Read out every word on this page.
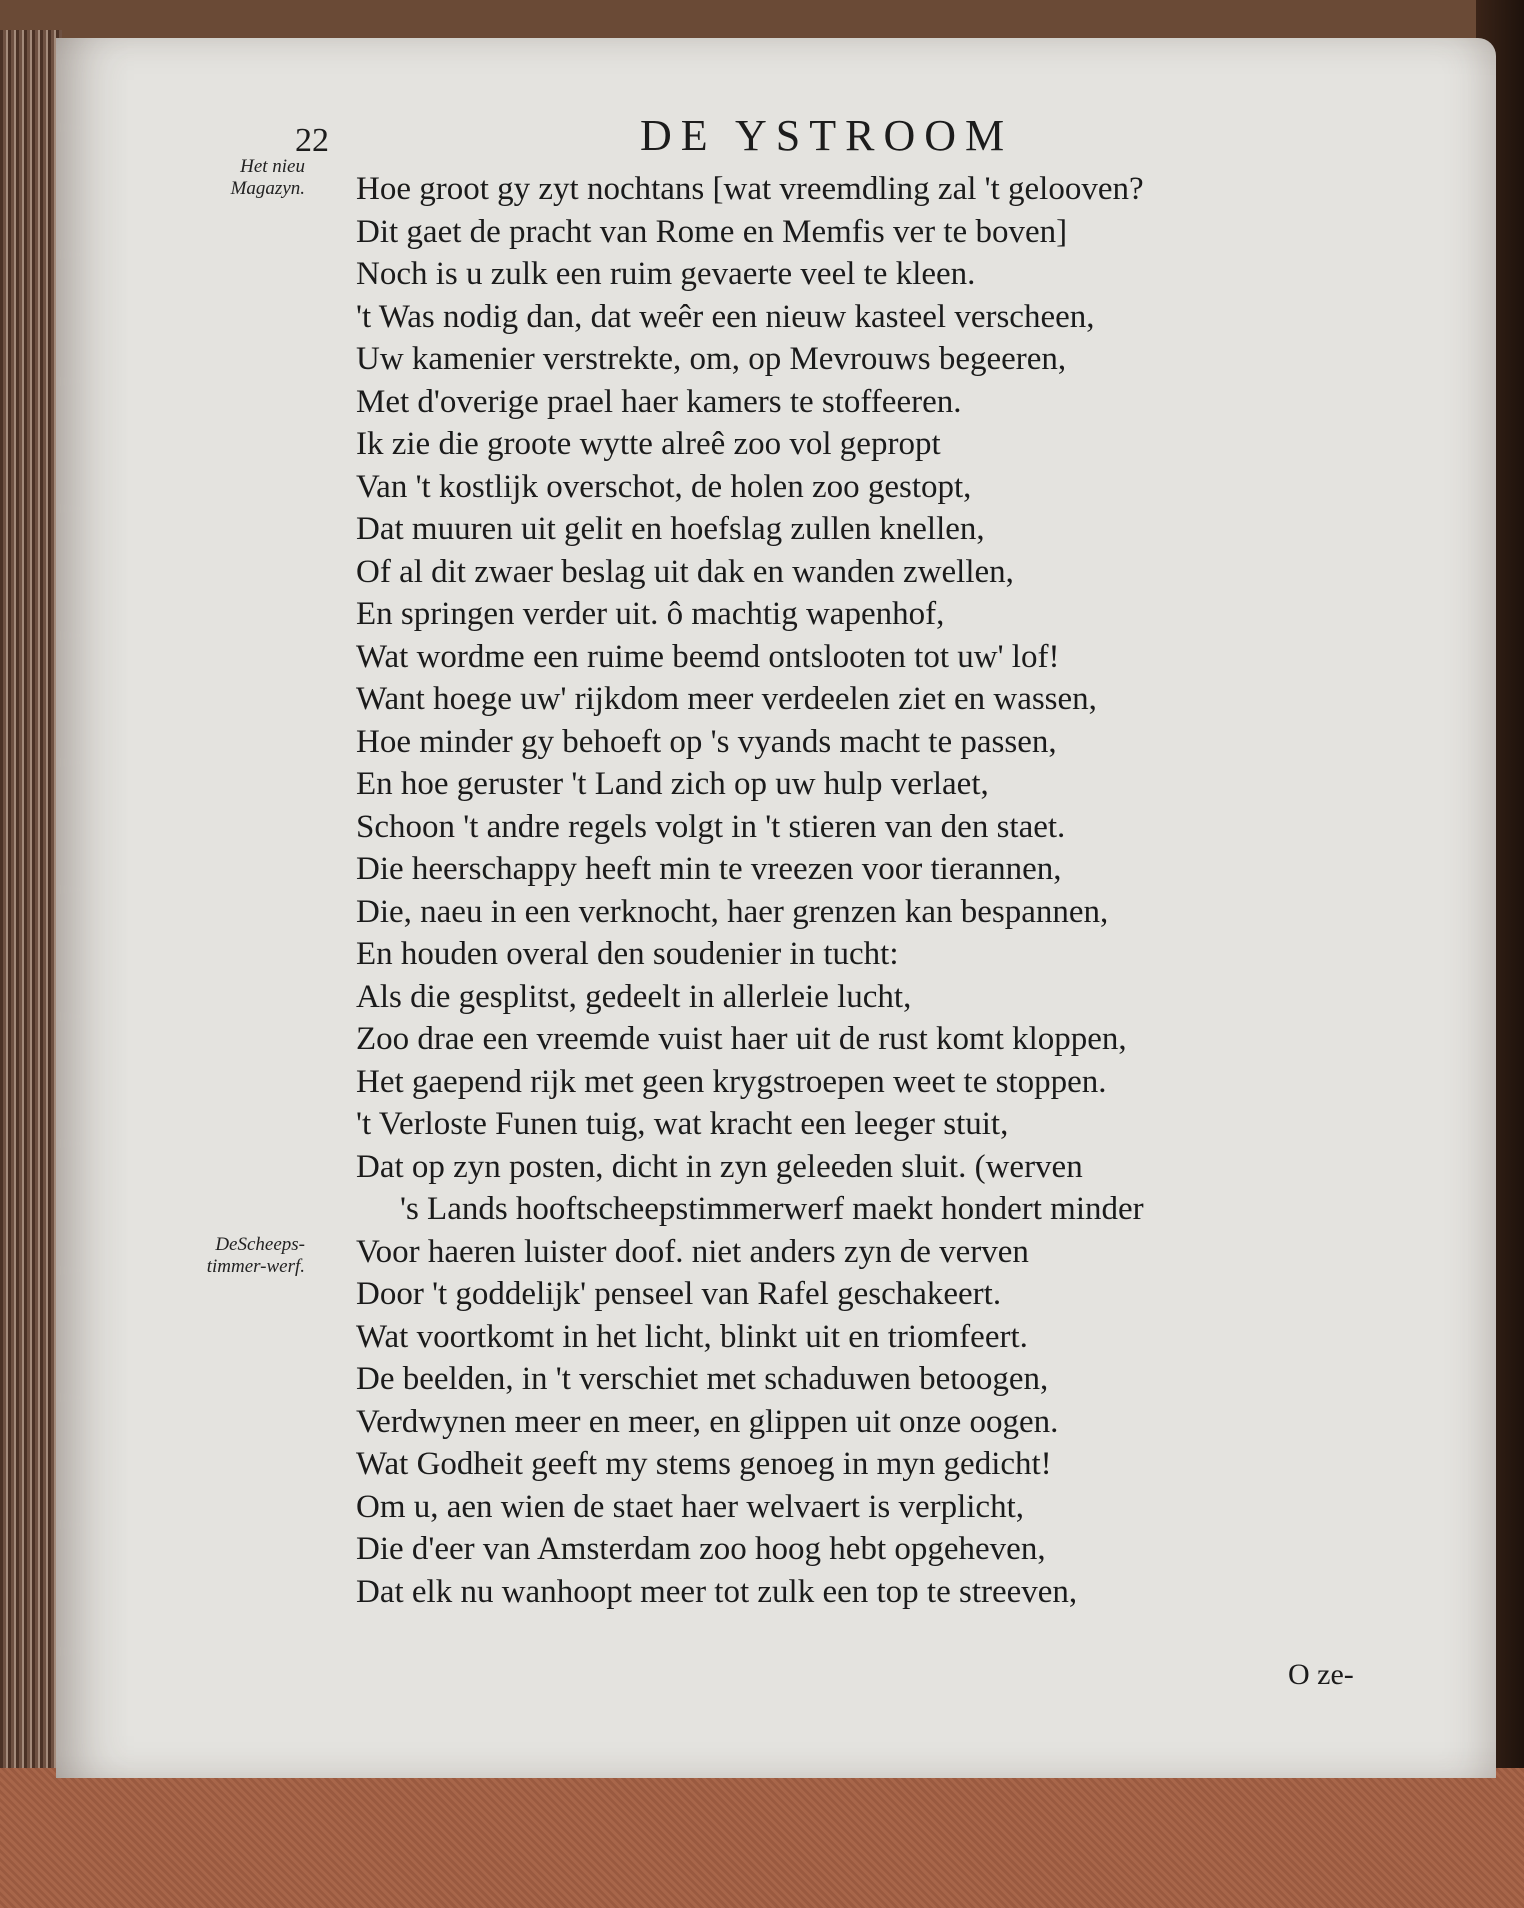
22	DE YSTROOM
Het nieu Magazyn.
DeScheeps-timmer-werf.
Hoe groot gy zyt nochtans [wat vreemdling zal 't gelooven?
Dit gaet de pracht van Rome en Memfis ver te boven]
Noch is u zulk een ruim gevaerte veel te kleen.
't Was nodig dan, dat weêr een nieuw kasteel verscheen,
Uw kamenier verstrekte, om, op Mevrouws begeeren,
Met d'overige prael haer kamers te stoffeeren.
Ik zie die groote wytte alreê zoo vol gepropt
Van 't kostlijk overschot, de holen zoo gestopt,
Dat muuren uit gelit en hoefslag zullen knellen,
Of al dit zwaer beslag uit dak en wanden zwellen,
En springen verder uit. ô machtig wapenhof,
Wat wordme een ruime beemd ontslooten tot uw' lof!
Want hoege uw' rijkdom meer verdeelen ziet en wassen,
Hoe minder gy behoeft op 's vyands macht te passen,
En hoe geruster 't Land zich op uw hulp verlaet,
Schoon 't andre regels volgt in 't stieren van den staet.
Die heerschappy heeft min te vreezen voor tierannen,
Die, naeu in een verknocht, haer grenzen kan bespannen,
En houden overal den soudenier in tucht:
Als die gesplitst, gedeelt in allerleie lucht,
Zoo drae een vreemde vuist haer uit de rust komt kloppen,
Het gaepend rijk met geen krygstroepen weet te stoppen.
't Verloste Funen tuig, wat kracht een leeger stuit,
Dat op zyn posten, dicht in zyn geleeden sluit. (werven
's Lands hooftscheepstimmerwerf maekt hondert minder
Voor haeren luister doof. niet anders zyn de verven
Door 't goddelijk' penseel van Rafel geschakeert.
Wat voortkomt in het licht, blinkt uit en triomfeert.
De beelden, in 't verschiet met schaduwen betoogen,
Verdwynen meer en meer, en glippen uit onze oogen.
Wat Godheit geeft my stems genoeg in myn gedicht!
Om u, aen wien de staet haer welvaert is verplicht,
Die d'eer van Amsterdam zoo hoog hebt opgeheven,
Dat elk nu wanhoopt meer tot zulk een top te streeven,
O ze-
